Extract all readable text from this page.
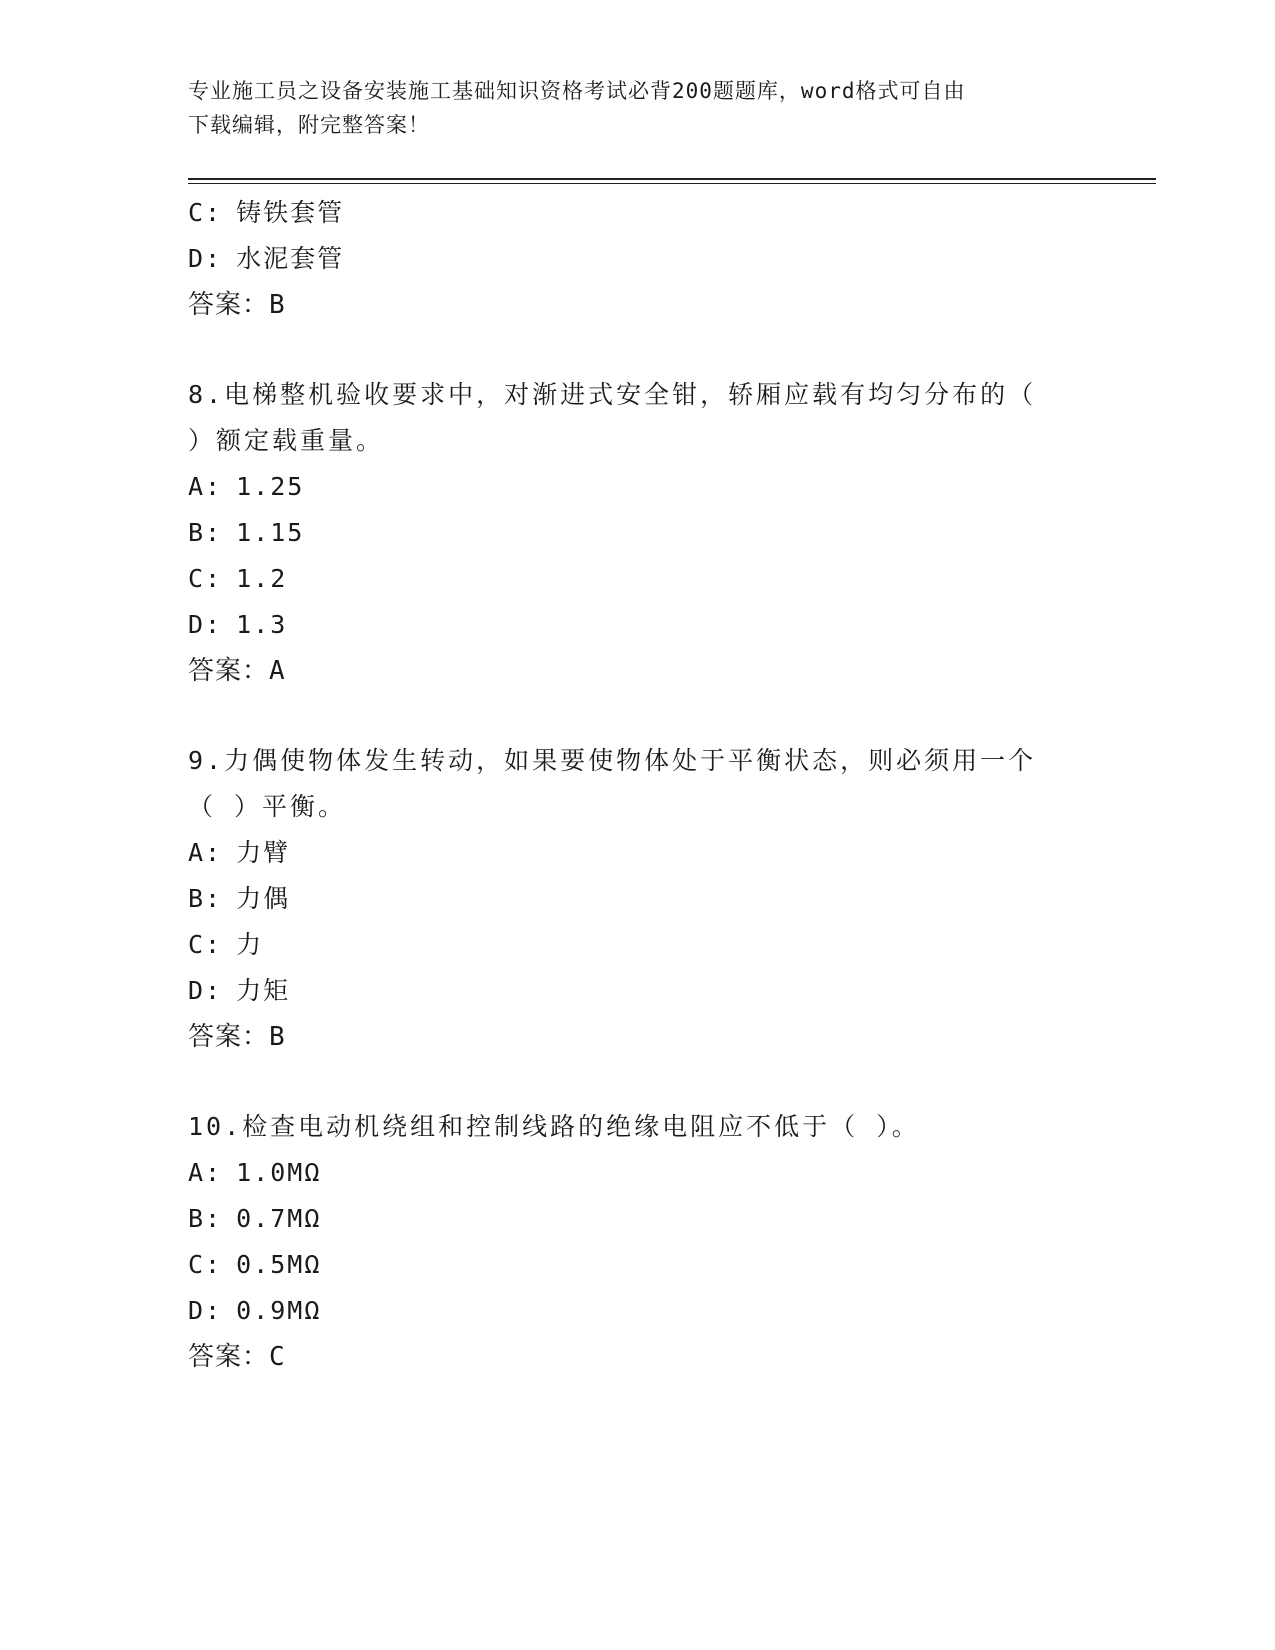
专业施工员之设备安装施工基础知识资格考试必背200题题库，word格式可自由
下载编辑，附完整答案！
C: 铸铁套管
D: 水泥套管
答案：B
8.电梯整机验收要求中，对渐进式安全钳，轿厢应载有均匀分布的（
）额定载重量。
A: 1.25
B: 1.15
C: 1.2
D: 1.3
答案：A
9.力偶使物体发生转动，如果要使物体处于平衡状态，则必须用一个
（ ）平衡。
A: 力臂
B: 力偶
C: 力
D: 力矩
答案：B
10.检查电动机绕组和控制线路的绝缘电阻应不低于（ ）。
A: 1.0MΩ
B: 0.7MΩ
C: 0.5MΩ
D: 0.9MΩ
答案：C
